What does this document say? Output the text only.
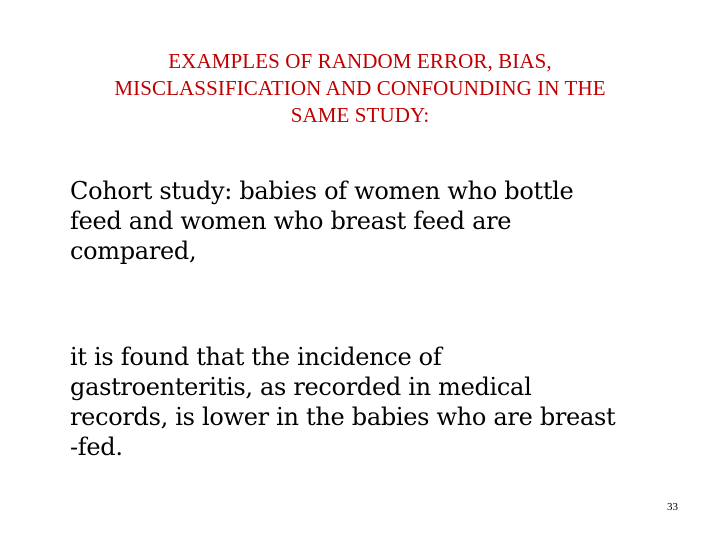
EXAMPLES OF RANDOM ERROR, BIAS,
MISCLASSIFICATION AND CONFOUNDING IN THE
SAME STUDY:
Cohort study: babies of women who bottle
feed and women who breast feed are
compared,
it is found that the incidence of
gastroenteritis, as recorded in medical
records, is lower in the babies who are breast
-fed.
33
